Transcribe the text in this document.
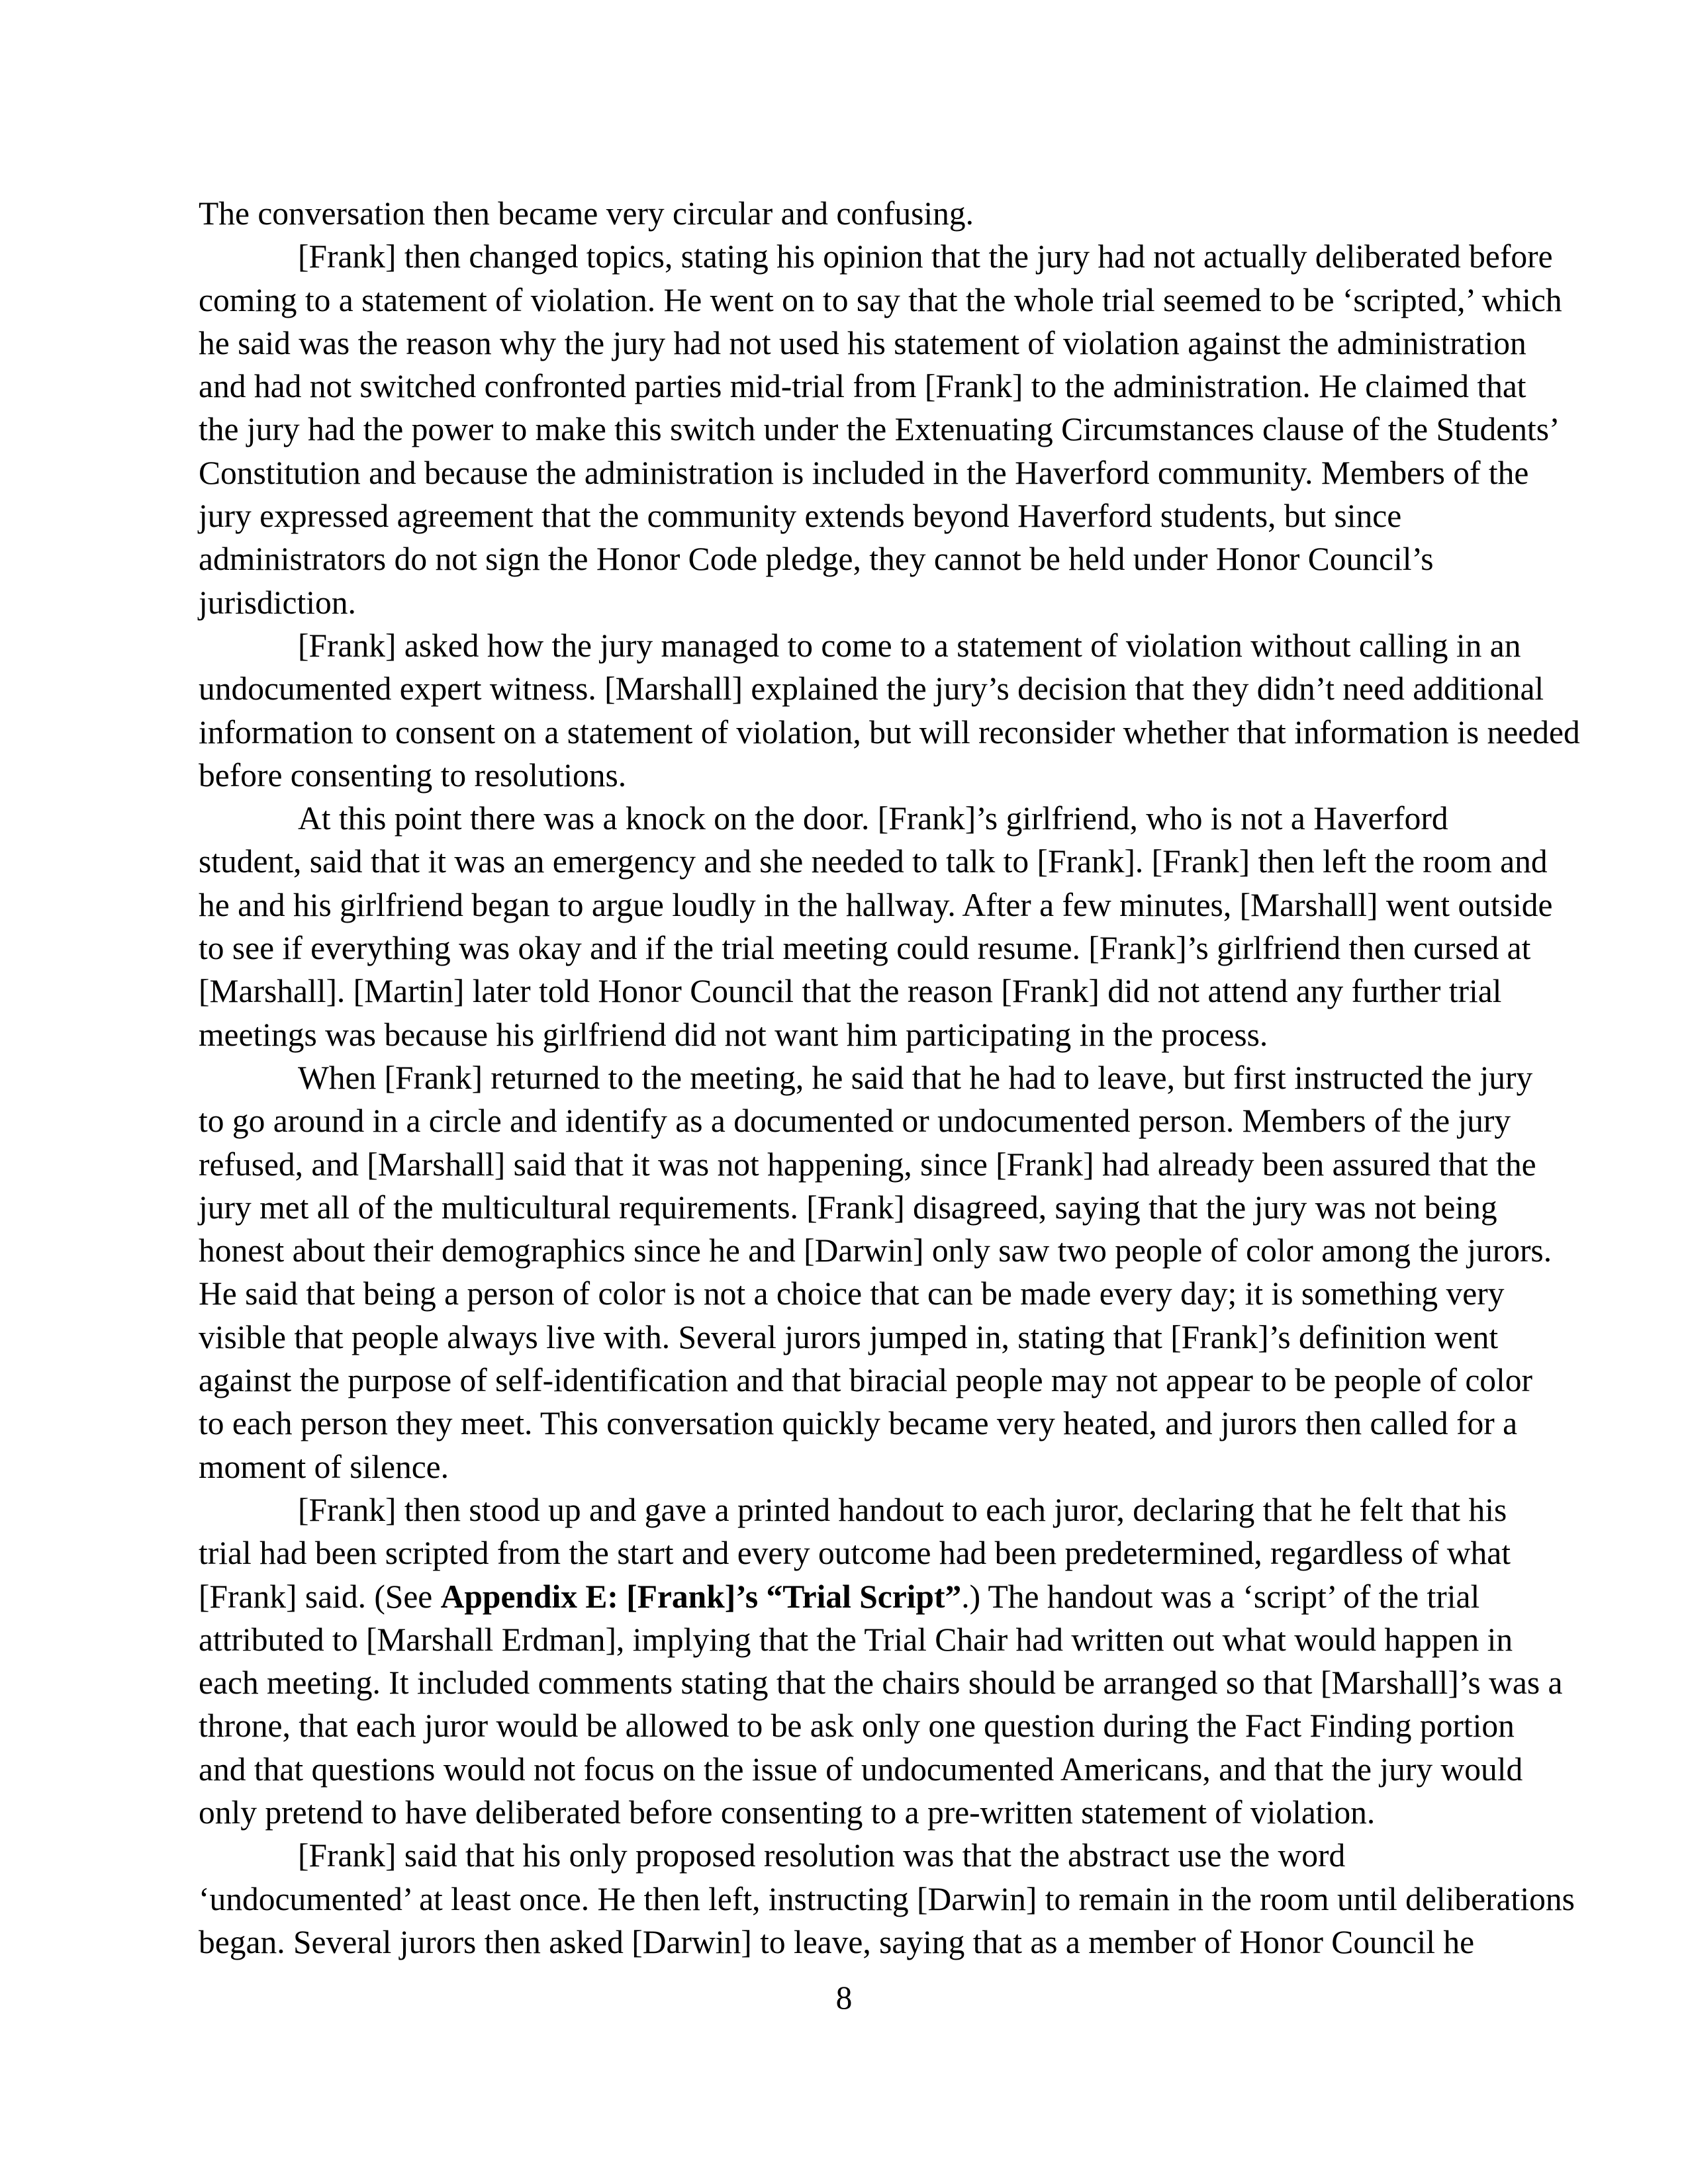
The conversation then became very circular and confusing.

[Frank] then changed topics, stating his opinion that the jury had not actually deliberated before
coming to a statement of violation. He went on to say that the whole trial seemed to be ‘scripted,’ which
he said was the reason why the jury had not used his statement of violation against the administration
and had not switched confronted parties mid-trial from [Frank] to the administration. He claimed that
the jury had the power to make this switch under the Extenuating Circumstances clause of the Students’
Constitution and because the administration is included in the Haverford community. Members of the
jury expressed agreement that the community extends beyond Haverford students, but since
administrators do not sign the Honor Code pledge, they cannot be held under Honor Council’s
jurisdiction.

[Frank] asked how the jury managed to come to a statement of violation without calling in an
undocumented expert witness. [Marshall] explained the jury’s decision that they didn’t need additional
information to consent on a statement of violation, but will reconsider whether that information is needed
before consenting to resolutions.

At this point there was a knock on the door. [Frank]’s girlfriend, who is not a Haverford
student, said that it was an emergency and she needed to talk to [Frank]. [Frank] then left the room and
he and his girlfriend began to argue loudly in the hallway. After a few minutes, [Marshall] went outside
to see if everything was okay and if the trial meeting could resume. [Frank]’s girlfriend then cursed at
[Marshall]. [Martin] later told Honor Council that the reason [Frank] did not attend any further trial
meetings was because his girlfriend did not want him participating in the process.

When [Frank] returned to the meeting, he said that he had to leave, but first instructed the jury
to go around in a circle and identify as a documented or undocumented person. Members of the jury
refused, and [Marshall] said that it was not happening, since [Frank] had already been assured that the
jury met all of the multicultural requirements. [Frank] disagreed, saying that the jury was not being
honest about their demographics since he and [Darwin] only saw two people of color among the jurors.
He said that being a person of color is not a choice that can be made every day; it is something very
visible that people always live with. Several jurors jumped in, stating that [Frank]’s definition went
against the purpose of self-identification and that biracial people may not appear to be people of color
to each person they meet. This conversation quickly became very heated, and jurors then called for a
moment of silence.

[Frank] then stood up and gave a printed handout to each juror, declaring that he felt that his
trial had been scripted from the start and every outcome had been predetermined, regardless of what
[Frank] said. (See Appendix E: [Frank]’s “Trial Script”.) The handout was a ‘script’ of the trial
attributed to [Marshall Erdman], implying that the Trial Chair had written out what would happen in
each meeting. It included comments stating that the chairs should be arranged so that [Marshall]’s was a
throne, that each juror would be allowed to be ask only one question during the Fact Finding portion
and that questions would not focus on the issue of undocumented Americans, and that the jury would
only pretend to have deliberated before consenting to a pre-written statement of violation.

[Frank] said that his only proposed resolution was that the abstract use the word
‘undocumented’ at least once. He then left, instructing [Darwin] to remain in the room until deliberations
began. Several jurors then asked [Darwin] to leave, saying that as a member of Honor Council he

8
